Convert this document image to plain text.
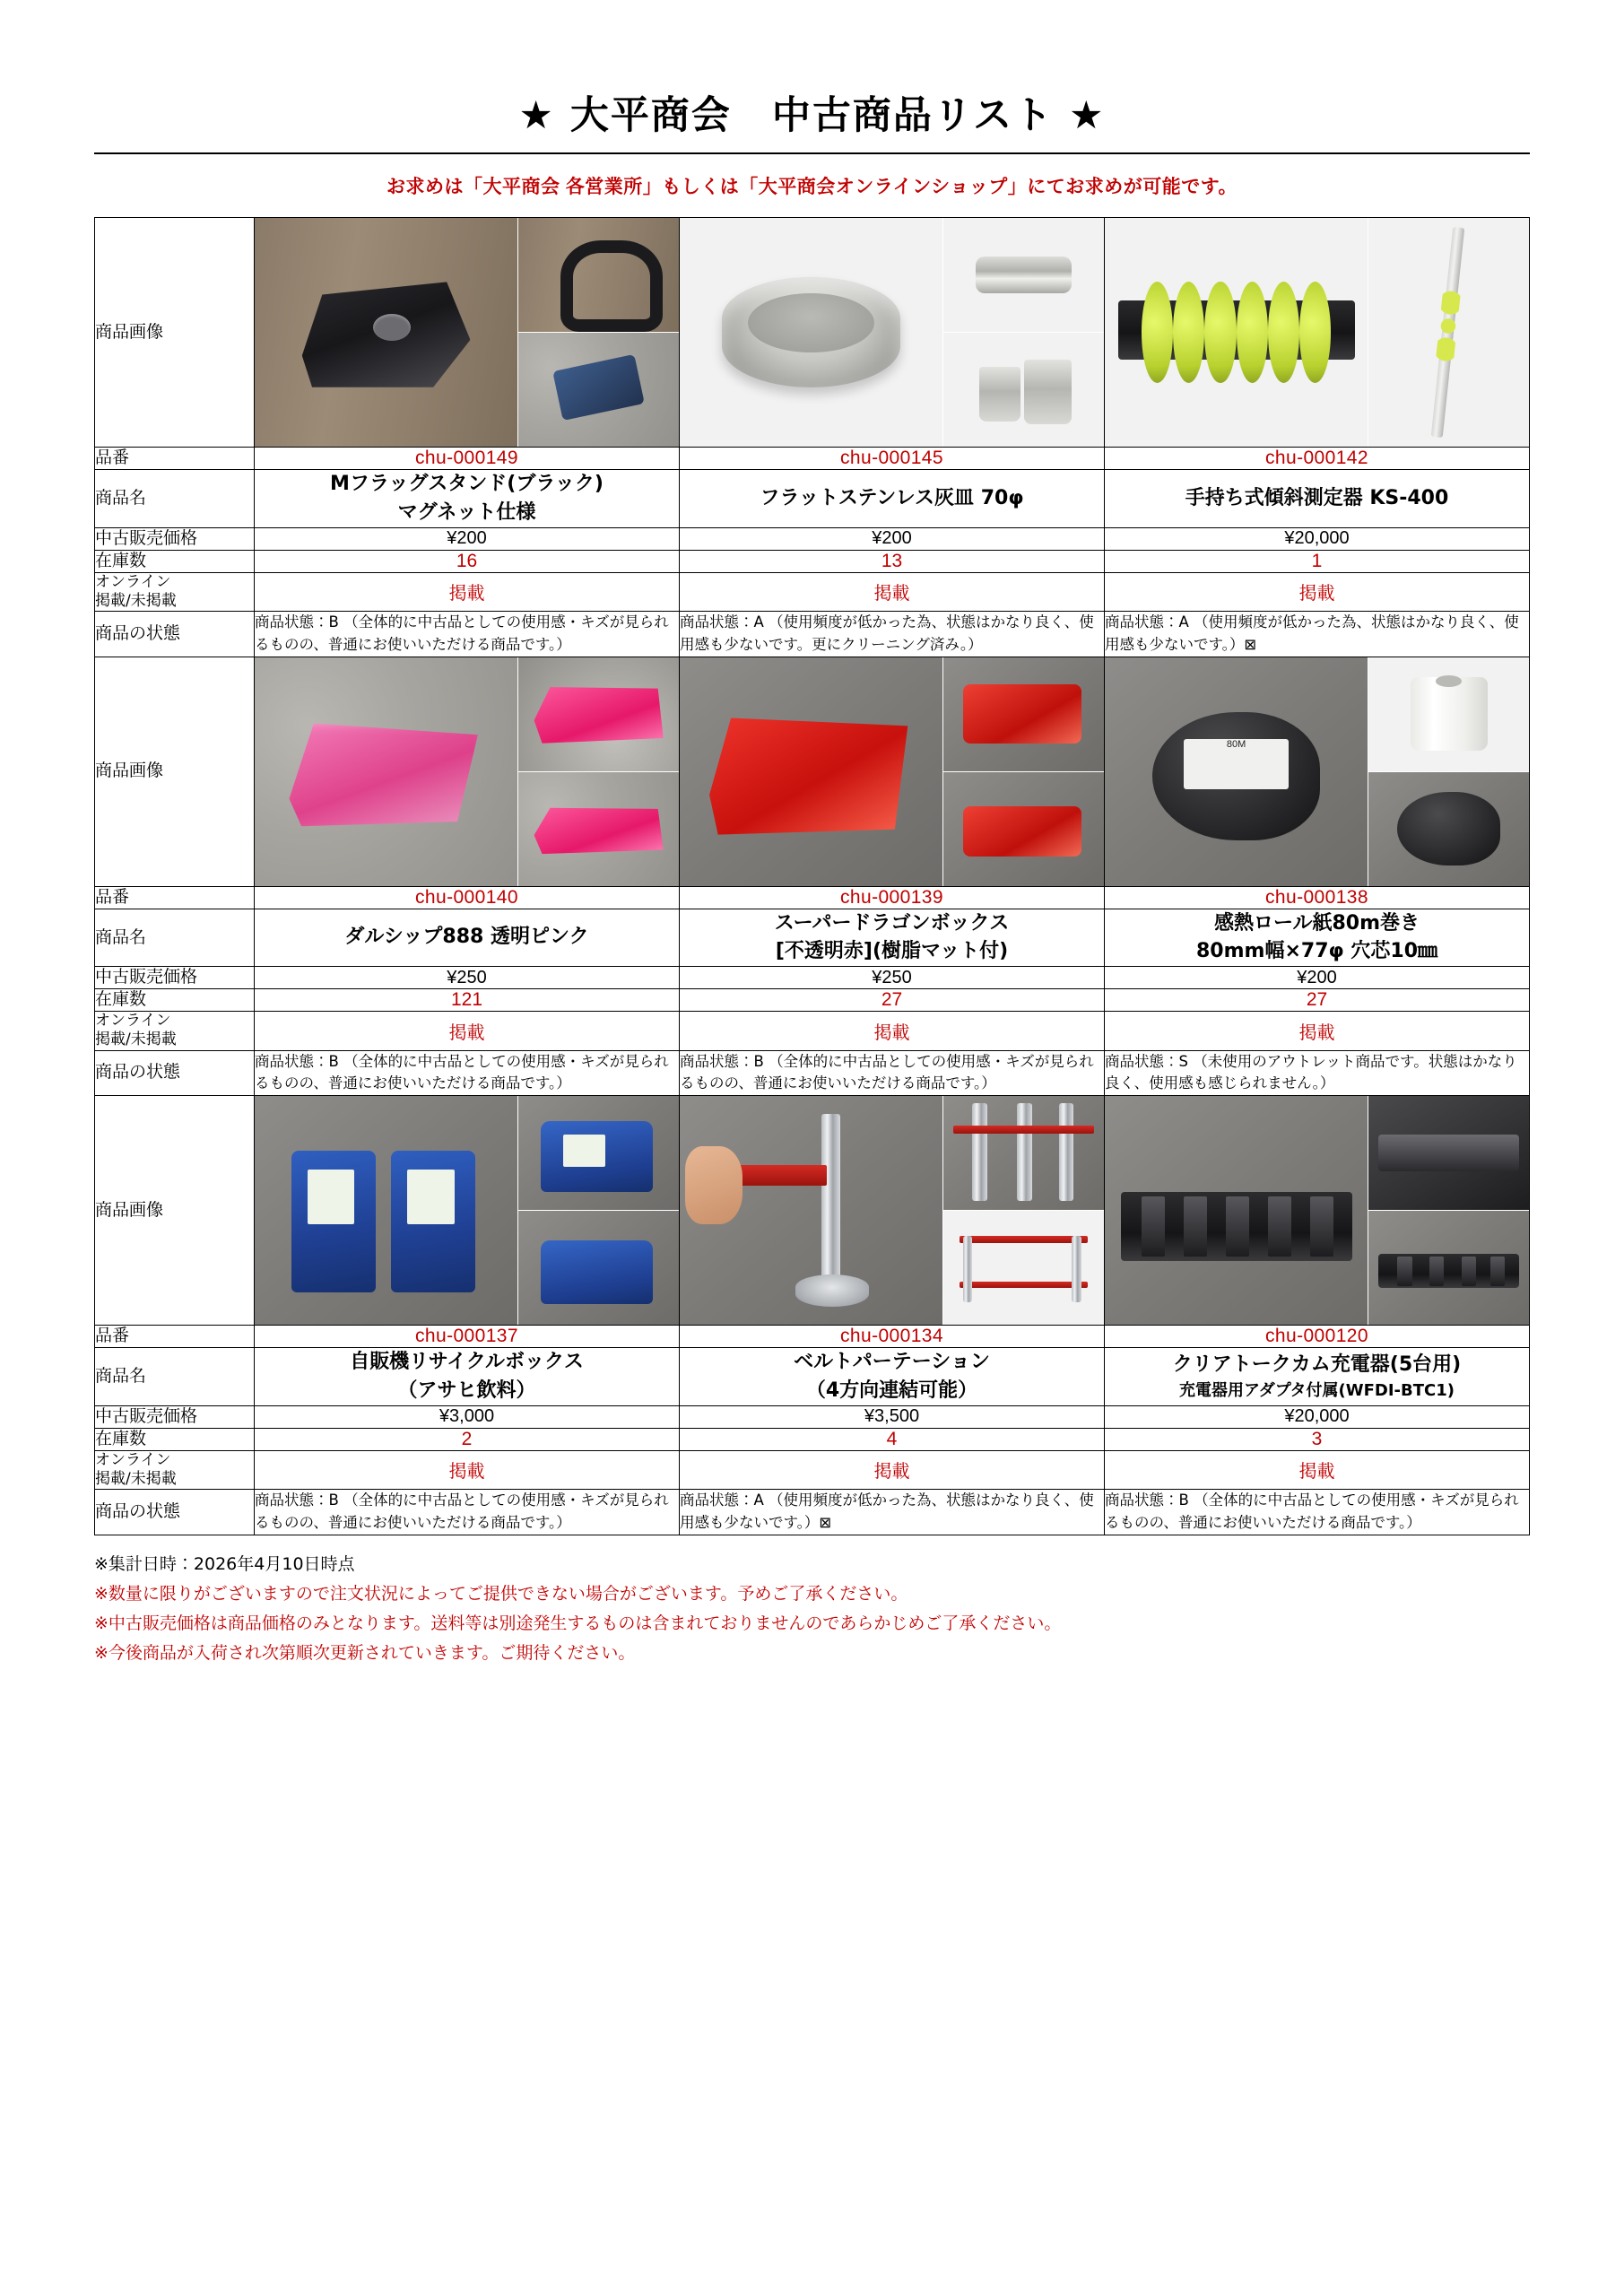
★ 大平商会　中古商品リスト ★
お求めは「大平商会 各営業所」もしくは「大平商会オンラインショップ」にてお求めが可能です。
商品画像	

品番	chu-000149	chu-000145	chu-000142
商品名	Mフラッグスタンド(ブラック)
マグネット仕様	フラットステンレス灰皿 70φ	手持ち式傾斜測定器 KS-400
中古販売価格	¥200	¥200	¥20,000
在庫数	16	13	1
オンライン
掲載/未掲載	掲載	掲載	掲載
商品の状態	商品状態：B （全体的に中古品としての使用感・キズが見られるものの、普通にお使いいただける商品です。）	商品状態：A （使用頻度が低かった為、状態はかなり良く、使用感も少ないです。更にクリーニング済み。）	商品状態：A （使用頻度が低かった為、状態はかなり良く、使用感も少ないです。）⊠
商品画像			80M

品番	chu-000140	chu-000139	chu-000138
商品名	ダルシップ888 透明ピンク	スーパードラゴンボックス
[不透明赤](樹脂マット付)	感熱ロール紙80m巻き
80mm幅×77φ 穴芯10㎜
中古販売価格	¥250	¥250	¥200
在庫数	121	27	27
オンライン
掲載/未掲載	掲載	掲載	掲載
商品の状態	商品状態：B （全体的に中古品としての使用感・キズが見られるものの、普通にお使いいただける商品です。）	商品状態：B （全体的に中古品としての使用感・キズが見られるものの、普通にお使いいただける商品です。）	商品状態：S （未使用のアウトレット商品です。状態はかなり良く、使用感も感じられません。）
商品画像	

品番	chu-000137	chu-000134	chu-000120
商品名	自販機リサイクルボックス
（アサヒ飲料）	ベルトパーテーション
（4方向連結可能）	クリアトークカム充電器(5台用)
充電器用アダプタ付属(WFDI-BTC1)

中古販売価格	¥3,000	¥3,500	¥20,000
在庫数	2	4	3
オンライン
掲載/未掲載	掲載	掲載	掲載
商品の状態	商品状態：B （全体的に中古品としての使用感・キズが見られるものの、普通にお使いいただける商品です。）	商品状態：A （使用頻度が低かった為、状態はかなり良く、使用感も少ないです。）⊠	商品状態：B （全体的に中古品としての使用感・キズが見られるものの、普通にお使いいただける商品です。）
※集計日時：2026年4月10日時点
※数量に限りがございますので注文状況によってご提供できない場合がございます。予めご了承ください。
※中古販売価格は商品価格のみとなります。送料等は別途発生するものは含まれておりませんのであらかじめご了承ください。
※今後商品が入荷され次第順次更新されていきます。ご期待ください。
